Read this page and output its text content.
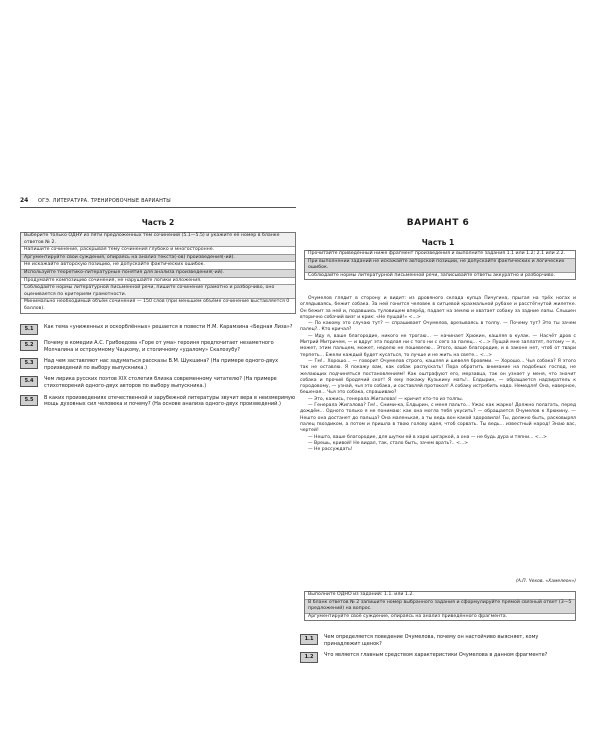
24 ОГЭ. ЛИТЕРАТУРА. ТРЕНИРОВОЧНЫЕ ВАРИАНТЫ
Часть 2
Выберите только ОДНУ из пяти предложенных тем сочинений (5.1—5.5) и укажите её номер в бланке ответов № 2.
Напишите сочинение, раскрывая тему сочинения глубоко и многосторонне.
Аргументируйте свои суждения, опираясь на анализ текста(-ов) произведения(-ий).
Не искажайте авторскую позицию, не допускайте фактических ошибок.
Используйте теоретико-литературные понятия для анализа произведения(-ий).
Продумайте композицию сочинения, не нарушайте логики изложения.
Соблюдайте нормы литературной письменной речи, пишите сочинение грамотно и разборчиво, оно оценивается по критериям грамотности.
Минимально необходимый объём сочинения — 150 слов (при меньшем объёме сочинение выставляется 0 баллов).
5.1	Как тема «униженных и оскорблённых» решается в повести Н.М. Карамзина «Бедная Лиза»?
5.2	Почему в комедии А.С. Грибоедова «Горе от ума» героиня предпочитает незаметного Молчалина и остроумному Чацкому, и столичному «удалому» Скалозубу?
5.3	Над чем заставляют нас задуматься рассказы В.М. Шукшина? (На примере одного-двух произведений по выбору выпускника.)
5.4	Чем лирика русских поэтов XIX столетия близка современному читателю? (На примере стихотворений одного-двух авторов по выбору выпускника.)
5.5	В каких произведениях отечественной и зарубежной литературы звучит вера в неизмеримую мощь духовных сил человека и почему? (На основе анализа одного-двух произведений.)
ВАРИАНТ 6
Часть 1
Прочитайте приведённый ниже фрагмент произведения и выполните задания 1.1 или 1.2; 2.1 или 2.2.
При выполнении заданий не искажайте авторской позиции, не допускайте фактических и логических ошибок.
Соблюдайте нормы литературной письменной речи, записывайте ответы аккуратно и разборчиво.

Очумелов глядит в сторону и видит: из дровяного склада купца Пичугина, прыгая на трёх ногах и оглядываясь, бежит собака. За ней гонится человек в ситцевой крахмальной рубахе и расстёгнутой жилетке. Он бежит за ней и, подавшись туловищем вперёд, падает на землю и хватает собаку за задние лапы. Слышен вторично собачий визг и крик: «Не пущай!» <...>

— По какому это случаю тут? — спрашивает Очумелов, врезываясь в толпу. — Почему тут? Это ты зачем палец?.. Кто кричал?

— Иду я, ваше благородие, никого не трогаю... — начинает Хрюкин, кашляя в кулак. — Насчёт дров с Митрий Митричем, — и вдруг эта подлая ни с того ни с сего за палец... <...> Пущай мне заплатят, потому — я, может, этим пальцем, может, неделю не пошевелю... Этого, ваше благородие, и в законе нет, чтоб от твари терпеть... Ежели каждый будет кусаться, то лучше и не жить на свете... <...>

— Гм!.. Хорошо... — говорит Очумелов строго, кашляя и шевеля бровями. — Хорошо... Чья собака? Я этого так не оставлю. Я покажу вам, как собак распускать! Пора обратить внимание на подобных господ, не желающих подчиняться постановлениям! Как оштрафуют его, мерзавца, так он узнает у меня, что значит собака и прочий бродячий скот! Я ему покажу Кузькину мать!.. Елдырин, — обращается надзиратель к городовому, — узнай, чья это собака, и составляй протокол! А собаку истребить надо. Немедля! Она, наверное, бешеная... Чья это собака, спрашиваю?

— Это, кажись, генерала Жигалова! — кричит кто-то из толпы.

— Генерала Жигалова? Гм!.. Сними-ка, Елдырин, с меня пальто... Ужас как жарко! Должно полагать, перед дождём... Одного только я не понимаю: как она могла тебя укусить? — обращается Очумелов к Хрюкину. — Нешто она достанет до пальца? Она маленькая, а ты ведь вон какой здоровила! Ты, должно быть, расковырял палец гвоздиком, а потом и пришла в твою голову идея, чтоб сорвать. Ты ведь... известный народ! Знаю вас, чертей!

— Нешто, ваше благородие, для шутки ей в харю цигаркой, а она — не будь дура и тяпни... <...>

— Врешь, кривой! Не видал, так, стало быть, зачем врать?.. <...>

— Не рассуждать!

(А.П. Чехов. «Хамелеон»)
Выполните ОДНО из заданий: 1.1. или 1.2.
В бланк ответов № 2 запишите номер выбранного задания и сформулируйте прямой связный ответ (3—5 предложений) на вопрос.
Аргументируйте своё суждение, опираясь на анализ приведённого фрагмента.
1.1	Чем определяется поведение Очумелова, почему он настойчиво выясняет, кому принадлежит щенок?
1.2	Что является главным средством характеристики Очумелова в данном фрагменте?
